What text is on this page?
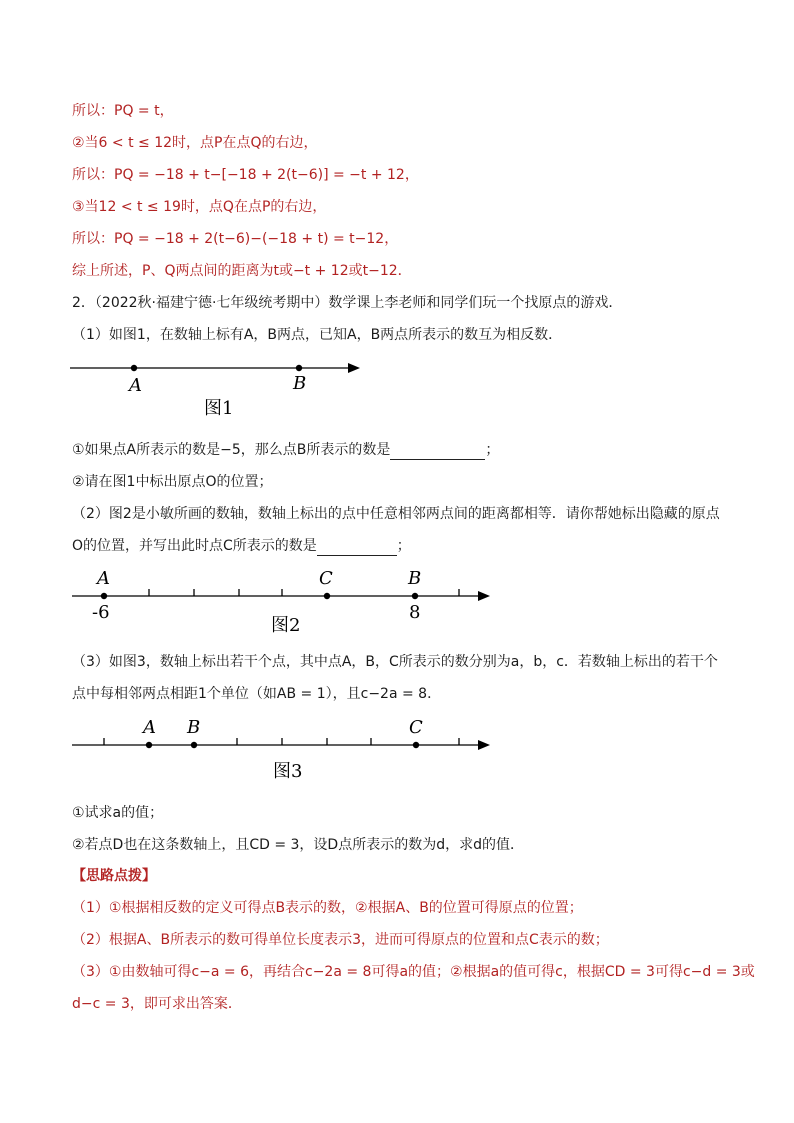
所以：PQ = t，
②当6 < t ≤ 12时，点P在点Q的右边，
所以：PQ = −18 + t−[−18 + 2(t−6)] = −t + 12，
③当12 < t ≤ 19时，点Q在点P的右边，
所以：PQ = −18 + 2(t−6)−(−18 + t) = t−12，
综上所述，P、Q两点间的距离为t或−t + 12或t−12．
2．（2022秋·福建宁德·七年级统考期中）数学课上李老师和同学们玩一个找原点的游戏．
（1）如图1，在数轴上标有A，B两点，已知A，B两点所表示的数互为相反数．
A	B
图1
①如果点A所表示的数是−5，那么点B所表示的数是	；
②请在图1中标出原点O的位置；
（2）图2是小敏所画的数轴，数轴上标出的点中任意相邻两点间的距离都相等．请你帮她标出隐藏的原点
O的位置，并写出此时点C所表示的数是	；
A	C	B
-6	8
图2
（3）如图3，数轴上标出若干个点，其中点A，B，C所表示的数分别为a，b，c．若数轴上标出的若干个
点中每相邻两点相距1个单位（如AB = 1），且c−2a = 8．
A B	C
图3
①试求a的值；
②若点D也在这条数轴上，且CD = 3，设D点所表示的数为d，求d的值．
【思路点拨】
（1）①根据相反数的定义可得点B表示的数，②根据A、B的位置可得原点的位置；
（2）根据A、B所表示的数可得单位长度表示3，进而可得原点的位置和点C表示的数；
（3）①由数轴可得c−a = 6，再结合c−2a = 8可得a的值；②根据a的值可得c，根据CD = 3可得c−d = 3或
d−c = 3，即可求出答案．
